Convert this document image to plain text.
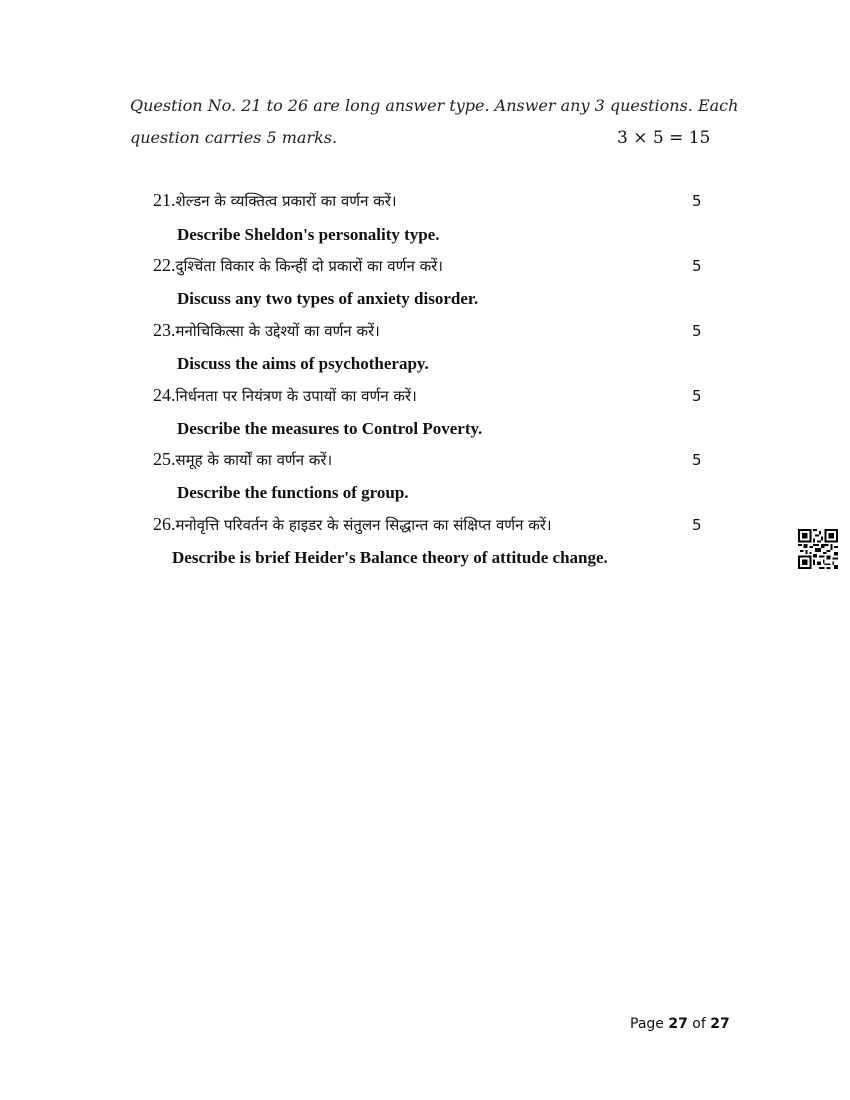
Question No. 21 to 26 are long answer type. Answer any 3 questions. Each
question carries 5 marks.	3 × 5 = 15
21.शेल्डन के व्यक्तित्व प्रकारों का वर्णन करें।	5
Describe Sheldon's personality type.
22.दुश्चिंता विकार के किन्हीं दो प्रकारों का वर्णन करें।	5
Discuss any two types of anxiety disorder.
23.मनोचिकित्सा के उद्देश्यों का वर्णन करें।	5
Discuss the aims of psychotherapy.
24.निर्धनता पर नियंत्रण के उपायों का वर्णन करें।	5
Describe the measures to Control Poverty.
25.समूह के कार्यों का वर्णन करें।	5
Describe the functions of group.
26.मनोवृत्ति परिवर्तन के हाइडर के संतुलन सिद्धान्त का संक्षिप्त वर्णन करें।	5
Describe is brief Heider's Balance theory of attitude change.
Page 27 of 27
